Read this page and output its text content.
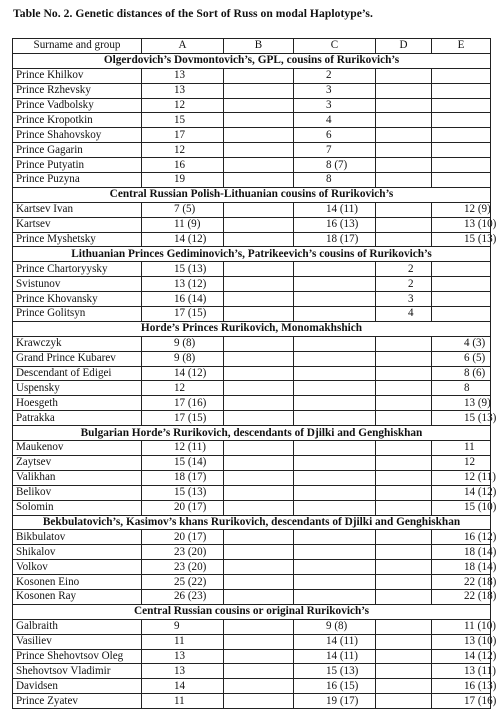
Table No. 2. Genetic distances of the Sort of Russ on modal Haplotype’s.
Surname and group	A	B	C	D	E
Olgerdovich’s Dovmontovich’s, GPL, cousins of Rurikovich’s					
Prince Khilkov	13		2		
Prince Rzhevsky	13		3		
Prince Vadbolsky	12		3		
Prince Kropotkin	15		4		
Prince Shahovskoy	17		6		
Prince Gagarin	12		7		
Prince Putyatin	16		8 (7)		
Prince Puzyna	19		8		
Central Russian Polish-Lithuanian cousins of Rurikovich’s					
Kartsev Ivan	7 (5)		14 (11)		12 (9)
Kartsev	11 (9)		16 (13)		13 (10)
Prince Myshetsky	14 (12)		18 (17)		15 (13)
Lithuanian Princes Gediminovich’s, Patrikeevich’s cousins of Rurikovich’s					
Prince Chartoryysky	15 (13)			2	
Svistunov	13 (12)			2	
Prince Khovansky	16 (14)			3	
Prince Golitsyn	17 (15)			4	
Horde’s Princes Rurikovich, Monomakhshich					
Krawczyk	9 (8)				4 (3)
Grand Prince Kubarev	9 (8)				6 (5)
Descendant of Edigei	14 (12)				8 (6)
Uspensky	12				8
Hoesgeth	17 (16)				13 (9)
Patrakka	17 (15)				15 (13)
Bulgarian Horde’s Rurikovich, descendants of Djilki and Genghiskhan					
Maukenov	12 (11)				11
Zaytsev	15 (14)				12
Valikhan	18 (17)				12 (11)
Belikov	15 (13)				14 (12)
Solomin	20 (17)				15 (10)
Bekbulatovich’s, Kasimov’s khans Rurikovich, descendants of Djilki and Genghiskhan					
Bikbulatov	20 (17)				16 (12)
Shikalov	23 (20)				18 (14)
Volkov	23 (20)				18 (14)
Kosonen Eino	25 (22)				22 (18)
Kosonen Ray	26 (23)				22 (18)
Central Russian cousins or original Rurikovich’s					
Galbraith	9		9 (8)		11 (10)
Vasiliev	11		14 (11)		13 (10)
Prince Shehovtsov Oleg	13		14 (11)		14 (12)
Shehovtsov Vladimir	13		15 (13)		13 (11)
Davidsen	14		16 (15)		16 (13)
Prince Zyatev	11		19 (17)		17 (16)
